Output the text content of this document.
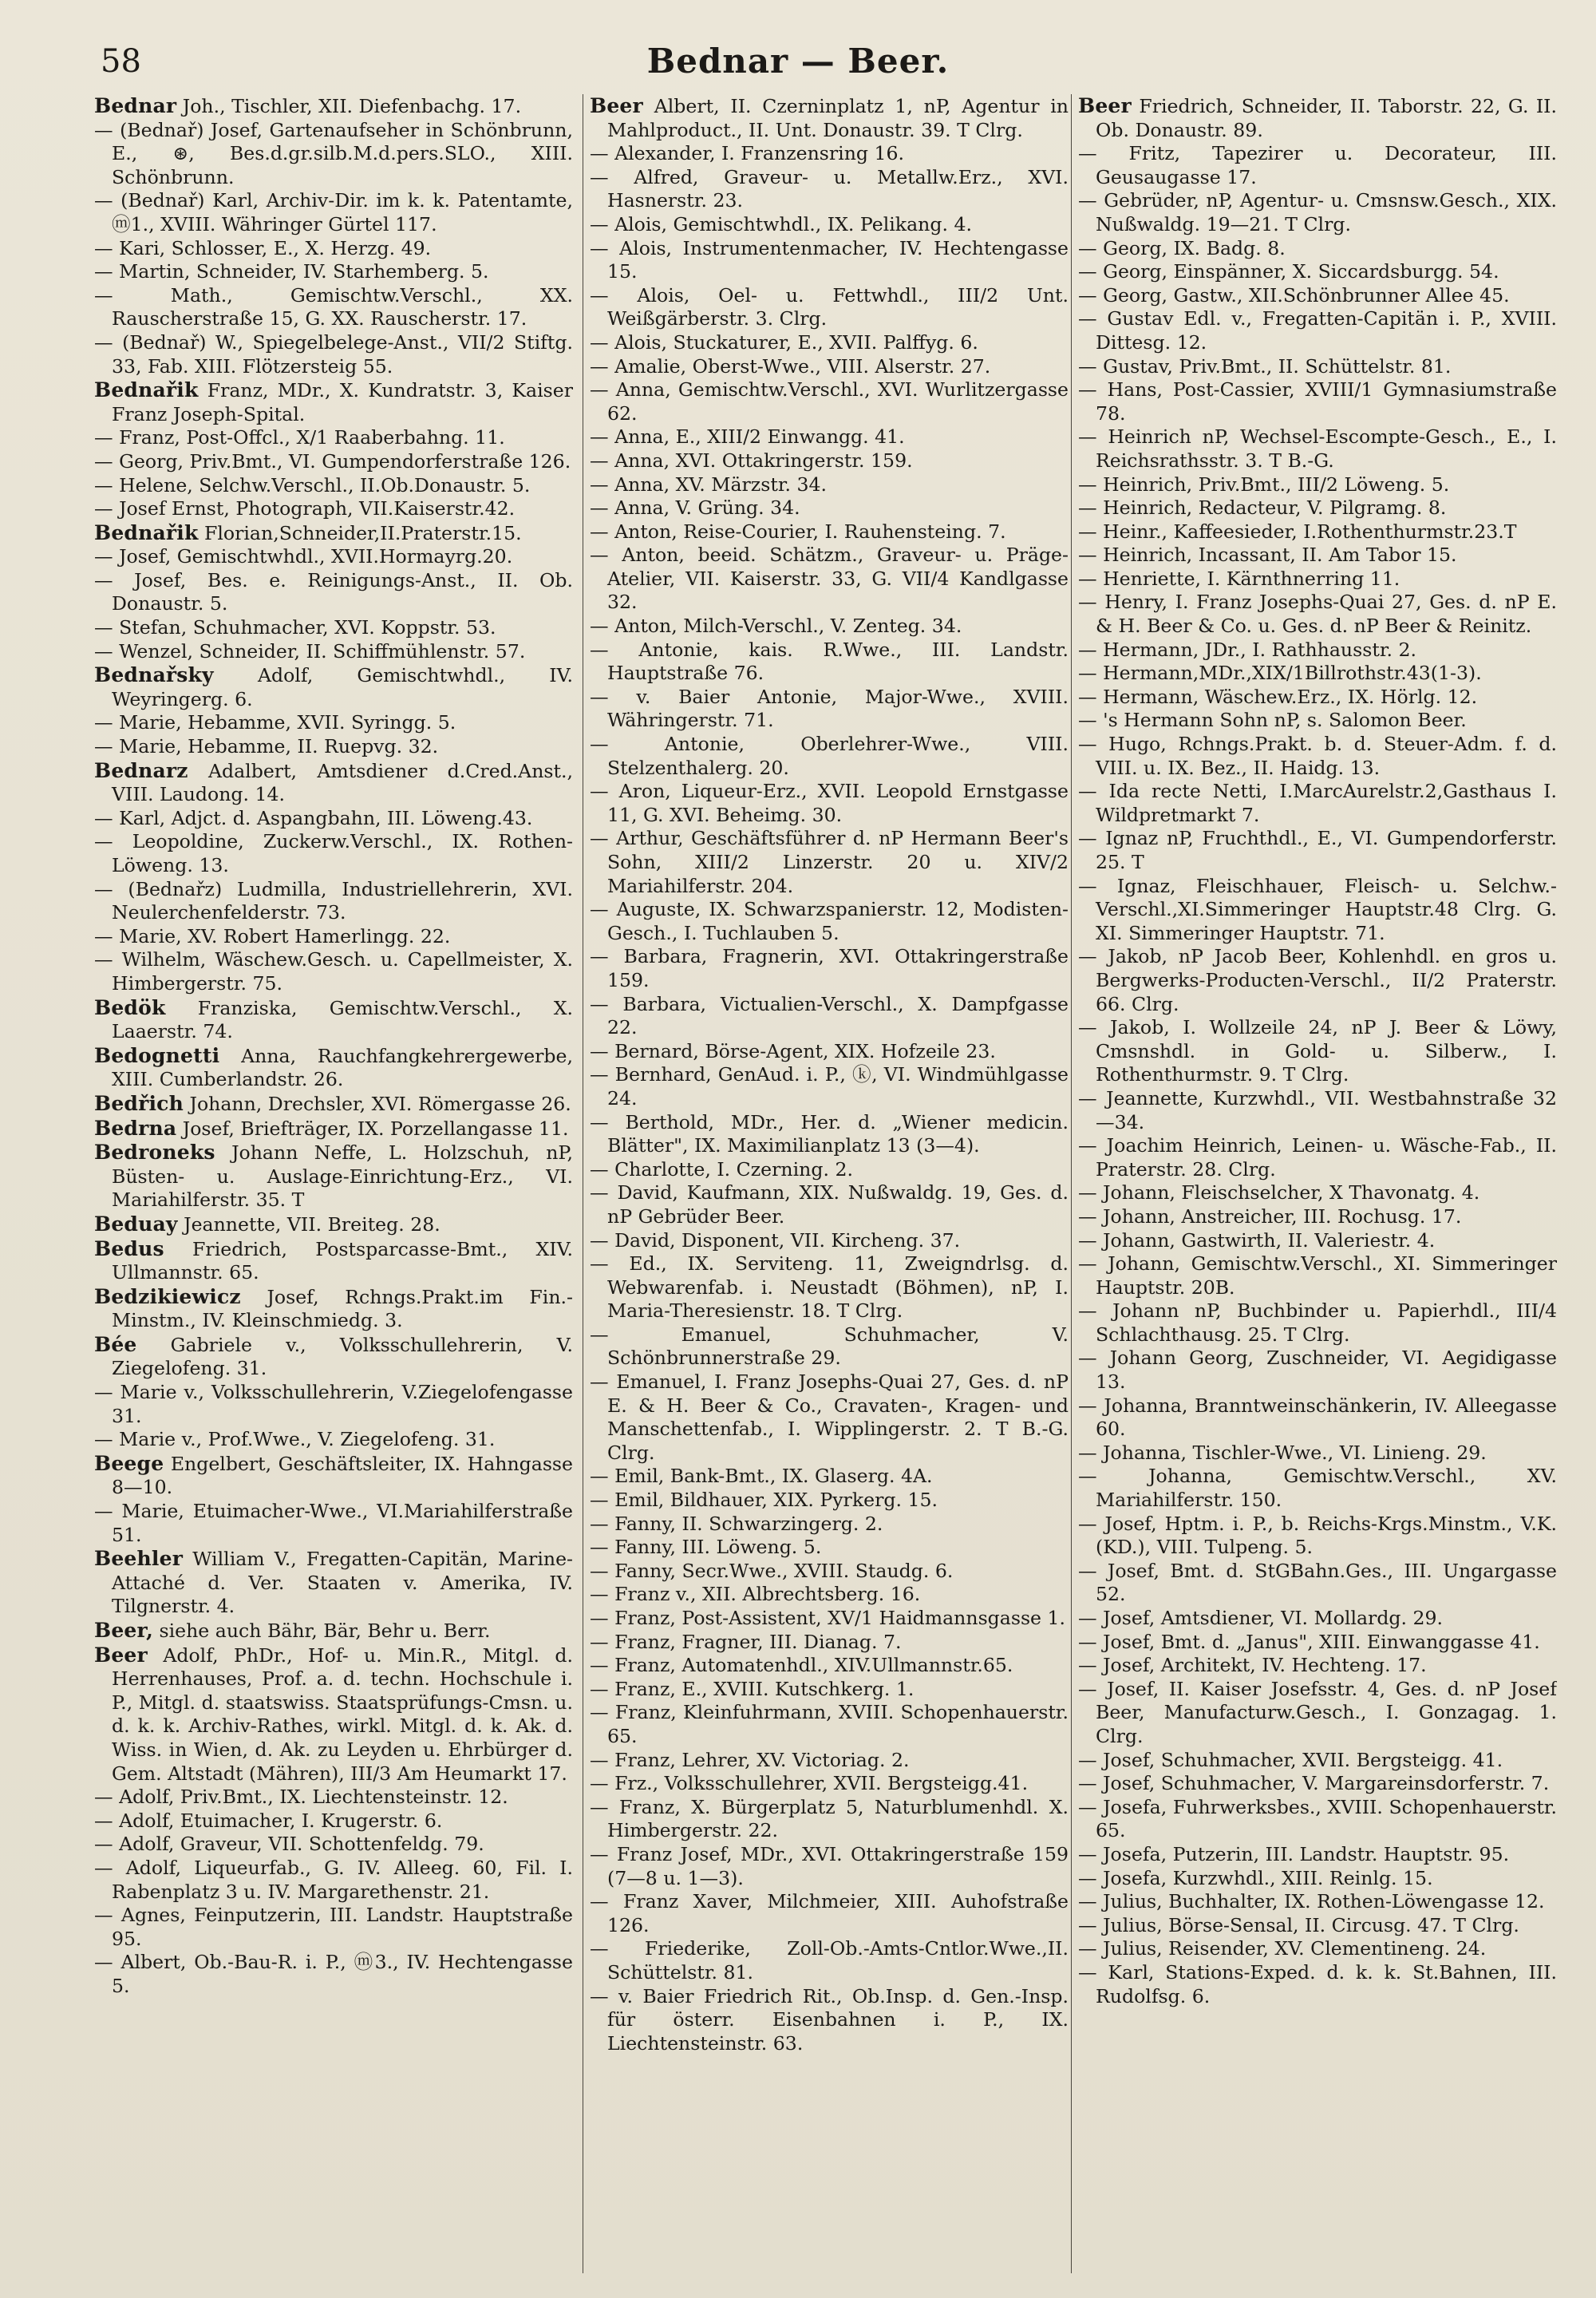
58	Bednar — Beer.

Bednar Joh., Tischler, XII. Diefenbachg. 17.

— (Bednař) Josef, Gartenaufseher in Schönbrunn, E., ⊛, Bes.d.gr.silb.M.d.pers.SLO., XIII. Schönbrunn.

— (Bednař) Karl, Archiv-Dir. im k. k. Patentamte, ⓜ1., XVIII. Währinger Gürtel 117.

— Kari, Schlosser, E., X. Herzg. 49.

— Martin, Schneider, IV. Starhemberg. 5.

— Math., Gemischtw.Verschl., XX. Rauscherstraße 15, G. XX. Rauscherstr. 17.

— (Bednař) W., Spiegelbelege-Anst., VII/2 Stiftg. 33, Fab. XIII. Flötzersteig 55.

Bednařik Franz, MDr., X. Kundratstr. 3, Kaiser Franz Joseph-Spital.

— Franz, Post-Offcl., X/1 Raaberbahng. 11.

— Georg, Priv.Bmt., VI. Gumpendorferstraße 126.

— Helene, Selchw.Verschl., II.Ob.Donaustr. 5.

— Josef Ernst, Photograph, VII.Kaiserstr.42.

Bednařik Florian,Schneider,II.Praterstr.15.

— Josef, Gemischtwhdl., XVII.Hormayrg.20.

— Josef, Bes. e. Reinigungs-Anst., II. Ob. Donaustr. 5.

— Stefan, Schuhmacher, XVI. Koppstr. 53.

— Wenzel, Schneider, II. Schiffmühlenstr. 57.

Bednařsky Adolf, Gemischtwhdl., IV. Weyringerg. 6.

— Marie, Hebamme, XVII. Syringg. 5.

— Marie, Hebamme, II. Ruepvg. 32.

Bednarz Adalbert, Amtsdiener d.Cred.Anst., VIII. Laudong. 14.

— Karl, Adjct. d. Aspangbahn, III. Löweng.43.

— Leopoldine, Zuckerw.Verschl., IX. Rothen-Löweng. 13.

— (Bednařz) Ludmilla, Industriellehrerin, XVI. Neulerchenfelderstr. 73.

— Marie, XV. Robert Hamerlingg. 22.

— Wilhelm, Wäschew.Gesch. u. Capellmeister, X. Himbergerstr. 75.

Bedök Franziska, Gemischtw.Verschl., X. Laaerstr. 74.

Bedognetti Anna, Rauchfangkehrergewerbe, XIII. Cumberlandstr. 26.

Bedřich Johann, Drechsler, XVI. Römergasse 26.

Bedrna Josef, Briefträger, IX. Porzellangasse 11.

Bedroneks Johann Neffe, L. Holzschuh, nP, Büsten- u. Auslage-Einrichtung-Erz., VI. Mariahilferstr. 35. T

Beduay Jeannette, VII. Breiteg. 28.

Bedus Friedrich, Postsparcasse-Bmt., XIV. Ullmannstr. 65.

Bedzikiewicz Josef, Rchngs.Prakt.im Fin.-Minstm., IV. Kleinschmiedg. 3.

Bée Gabriele v., Volksschullehrerin, V. Ziegelofeng. 31.

— Marie v., Volksschullehrerin, V.Ziegelofengasse 31.

— Marie v., Prof.Wwe., V. Ziegelofeng. 31.

Beege Engelbert, Geschäftsleiter, IX. Hahngasse 8—10.

— Marie, Etuimacher-Wwe., VI.Mariahilferstraße 51.

Beehler William V., Fregatten-Capitän, Marine-Attaché d. Ver. Staaten v. Amerika, IV. Tilgnerstr. 4.

Beer, siehe auch Bähr, Bär, Behr u. Berr.

Beer Adolf, PhDr., Hof- u. Min.R., Mitgl. d. Herrenhauses, Prof. a. d. techn. Hochschule i. P., Mitgl. d. staatswiss. Staatsprüfungs-Cmsn. u. d. k. k. Archiv-Rathes, wirkl. Mitgl. d. k. Ak. d. Wiss. in Wien, d. Ak. zu Leyden u. Ehrbürger d. Gem. Altstadt (Mähren), III/3 Am Heumarkt 17.

— Adolf, Priv.Bmt., IX. Liechtensteinstr. 12.

— Adolf, Etuimacher, I. Krugerstr. 6.

— Adolf, Graveur, VII. Schottenfeldg. 79.

— Adolf, Liqueurfab., G. IV. Alleeg. 60, Fil. I. Rabenplatz 3 u. IV. Margarethenstr. 21.

— Agnes, Feinputzerin, III. Landstr. Hauptstraße 95.

— Albert, Ob.-Bau-R. i. P., ⓜ3., IV. Hechtengasse 5.

Beer Albert, II. Czerninplatz 1, nP, Agentur in Mahlproduct., II. Unt. Donaustr. 39. T Clrg.

— Alexander, I. Franzensring 16.

— Alfred, Graveur- u. Metallw.Erz., XVI. Hasnerstr. 23.

— Alois, Gemischtwhdl., IX. Pelikang. 4.

— Alois, Instrumentenmacher, IV. Hechtengasse 15.

— Alois, Oel- u. Fettwhdl., III/2 Unt. Weißgärberstr. 3. Clrg.

— Alois, Stuckaturer, E., XVII. Palffyg. 6.

— Amalie, Oberst-Wwe., VIII. Alserstr. 27.

— Anna, Gemischtw.Verschl., XVI. Wurlitzergasse 62.

— Anna, E., XIII/2 Einwangg. 41.

— Anna, XVI. Ottakringerstr. 159.

— Anna, XV. Märzstr. 34.

— Anna, V. Grüng. 34.

— Anton, Reise-Courier, I. Rauhensteing. 7.

— Anton, beeid. Schätzm., Graveur- u. Präge-Atelier, VII. Kaiserstr. 33, G. VII/4 Kandlgasse 32.

— Anton, Milch-Verschl., V. Zenteg. 34.

— Antonie, kais. R.Wwe., III. Landstr. Hauptstraße 76.

— v. Baier Antonie, Major-Wwe., XVIII. Währingerstr. 71.

— Antonie, Oberlehrer-Wwe., VIII. Stelzenthalerg. 20.

— Aron, Liqueur-Erz., XVII. Leopold Ernstgasse 11, G. XVI. Beheimg. 30.

— Arthur, Geschäftsführer d. nP Hermann Beer's Sohn, XIII/2 Linzerstr. 20 u. XIV/2 Mariahilferstr. 204.

— Auguste, IX. Schwarzspanierstr. 12, Modisten-Gesch., I. Tuchlauben 5.

— Barbara, Fragnerin, XVI. Ottakringerstraße 159.

— Barbara, Victualien-Verschl., X. Dampfgasse 22.

— Bernard, Börse-Agent, XIX. Hofzeile 23.

— Bernhard, GenAud. i. P., ⓚ, VI. Windmühlgasse 24.

— Berthold, MDr., Her. d. „Wiener medicin. Blätter", IX. Maximilianplatz 13 (3—4).

— Charlotte, I. Czerning. 2.

— David, Kaufmann, XIX. Nußwaldg. 19, Ges. d. nP Gebrüder Beer.

— David, Disponent, VII. Kircheng. 37.

— Ed., IX. Serviteng. 11, Zweigndrlsg. d. Webwarenfab. i. Neustadt (Böhmen), nP, I. Maria-Theresienstr. 18. T Clrg.

— Emanuel, Schuhmacher, V. Schönbrunnerstraße 29.

— Emanuel, I. Franz Josephs-Quai 27, Ges. d. nP E. & H. Beer & Co., Cravaten-, Kragen- und Manschettenfab., I. Wipplingerstr. 2. T B.-G. Clrg.

— Emil, Bank-Bmt., IX. Glaserg. 4A.

— Emil, Bildhauer, XIX. Pyrkerg. 15.

— Fanny, II. Schwarzingerg. 2.

— Fanny, III. Löweng. 5.

— Fanny, Secr.Wwe., XVIII. Staudg. 6.

— Franz v., XII. Albrechtsberg. 16.

— Franz, Post-Assistent, XV/1 Haidmannsgasse 1.

— Franz, Fragner, III. Dianag. 7.

— Franz, Automatenhdl., XIV.Ullmannstr.65.

— Franz, E., XVIII. Kutschkerg. 1.

— Franz, Kleinfuhrmann, XVIII. Schopenhauerstr. 65.

— Franz, Lehrer, XV. Victoriag. 2.

— Frz., Volksschullehrer, XVII. Bergsteigg.41.

— Franz, X. Bürgerplatz 5, Naturblumenhdl. X. Himbergerstr. 22.

— Franz Josef, MDr., XVI. Ottakringerstraße 159 (7—8 u. 1—3).

— Franz Xaver, Milchmeier, XIII. Auhofstraße 126.

— Friederike, Zoll-Ob.-Amts-Cntlor.Wwe.,II. Schüttelstr. 81.

— v. Baier Friedrich Rit., Ob.Insp. d. Gen.-Insp. für österr. Eisenbahnen i. P., IX. Liechtensteinstr. 63.

Beer Friedrich, Schneider, II. Taborstr. 22, G. II. Ob. Donaustr. 89.

— Fritz, Tapezirer u. Decorateur, III. Geusaugasse 17.

— Gebrüder, nP, Agentur- u. Cmsnsw.Gesch., XIX. Nußwaldg. 19—21. T Clrg.

— Georg, IX. Badg. 8.

— Georg, Einspänner, X. Siccardsburgg. 54.

— Georg, Gastw., XII.Schönbrunner Allee 45.

— Gustav Edl. v., Fregatten-Capitän i. P., XVIII. Dittesg. 12.

— Gustav, Priv.Bmt., II. Schüttelstr. 81.

— Hans, Post-Cassier, XVIII/1 Gymnasiumstraße 78.

— Heinrich nP, Wechsel-Escompte-Gesch., E., I. Reichsrathsstr. 3. T B.-G.

— Heinrich, Priv.Bmt., III/2 Löweng. 5.

— Heinrich, Redacteur, V. Pilgramg. 8.

— Heinr., Kaffeesieder, I.Rothenthurmstr.23.T

— Heinrich, Incassant, II. Am Tabor 15.

— Henriette, I. Kärnthnerring 11.

— Henry, I. Franz Josephs-Quai 27, Ges. d. nP E. & H. Beer & Co. u. Ges. d. nP Beer & Reinitz.

— Hermann, JDr., I. Rathhausstr. 2.

— Hermann,MDr.,XIX/1Billrothstr.43(1-3).

— Hermann, Wäschew.Erz., IX. Hörlg. 12.

— 's Hermann Sohn nP, s. Salomon Beer.

— Hugo, Rchngs.Prakt. b. d. Steuer-Adm. f. d. VIII. u. IX. Bez., II. Haidg. 13.

— Ida recte Netti, I.MarcAurelstr.2,Gasthaus I. Wildpretmarkt 7.

— Ignaz nP, Fruchthdl., E., VI. Gumpendorferstr. 25. T

— Ignaz, Fleischhauer, Fleisch- u. Selchw.-Verschl.,XI.Simmeringer Hauptstr.48 Clrg. G. XI. Simmeringer Hauptstr. 71.

— Jakob, nP Jacob Beer, Kohlenhdl. en gros u. Bergwerks-Producten-Verschl., II/2 Praterstr. 66. Clrg.

— Jakob, I. Wollzeile 24, nP J. Beer & Löwy, Cmsnshdl. in Gold- u. Silberw., I. Rothenthurmstr. 9. T Clrg.

— Jeannette, Kurzwhdl., VII. Westbahnstraße 32—34.

— Joachim Heinrich, Leinen- u. Wäsche-Fab., II. Praterstr. 28. Clrg.

— Johann, Fleischselcher, X Thavonatg. 4.

— Johann, Anstreicher, III. Rochusg. 17.

— Johann, Gastwirth, II. Valeriestr. 4.

— Johann, Gemischtw.Verschl., XI. Simmeringer Hauptstr. 20B.

— Johann nP, Buchbinder u. Papierhdl., III/4 Schlachthausg. 25. T Clrg.

— Johann Georg, Zuschneider, VI. Aegidigasse 13.

— Johanna, Branntweinschänkerin, IV. Alleegasse 60.

— Johanna, Tischler-Wwe., VI. Linieng. 29.

— Johanna, Gemischtw.Verschl., XV. Mariahilferstr. 150.

— Josef, Hptm. i. P., b. Reichs-Krgs.Minstm., V.K. (KD.), VIII. Tulpeng. 5.

— Josef, Bmt. d. StGBahn.Ges., III. Ungargasse 52.

— Josef, Amtsdiener, VI. Mollardg. 29.

— Josef, Bmt. d. „Janus", XIII. Einwanggasse 41.

— Josef, Architekt, IV. Hechteng. 17.

— Josef, II. Kaiser Josefsstr. 4, Ges. d. nP Josef Beer, Manufacturw.Gesch., I. Gonzagag. 1. Clrg.

— Josef, Schuhmacher, XVII. Bergsteigg. 41.

— Josef, Schuhmacher, V. Margareinsdorferstr. 7.

— Josefa, Fuhrwerksbes., XVIII. Schopenhauerstr. 65.

— Josefa, Putzerin, III. Landstr. Hauptstr. 95.

— Josefa, Kurzwhdl., XIII. Reinlg. 15.

— Julius, Buchhalter, IX. Rothen-Löwengasse 12.

— Julius, Börse-Sensal, II. Circusg. 47. T Clrg.

— Julius, Reisender, XV. Clementineng. 24.

— Karl, Stations-Exped. d. k. k. St.Bahnen, III. Rudolfsg. 6.
